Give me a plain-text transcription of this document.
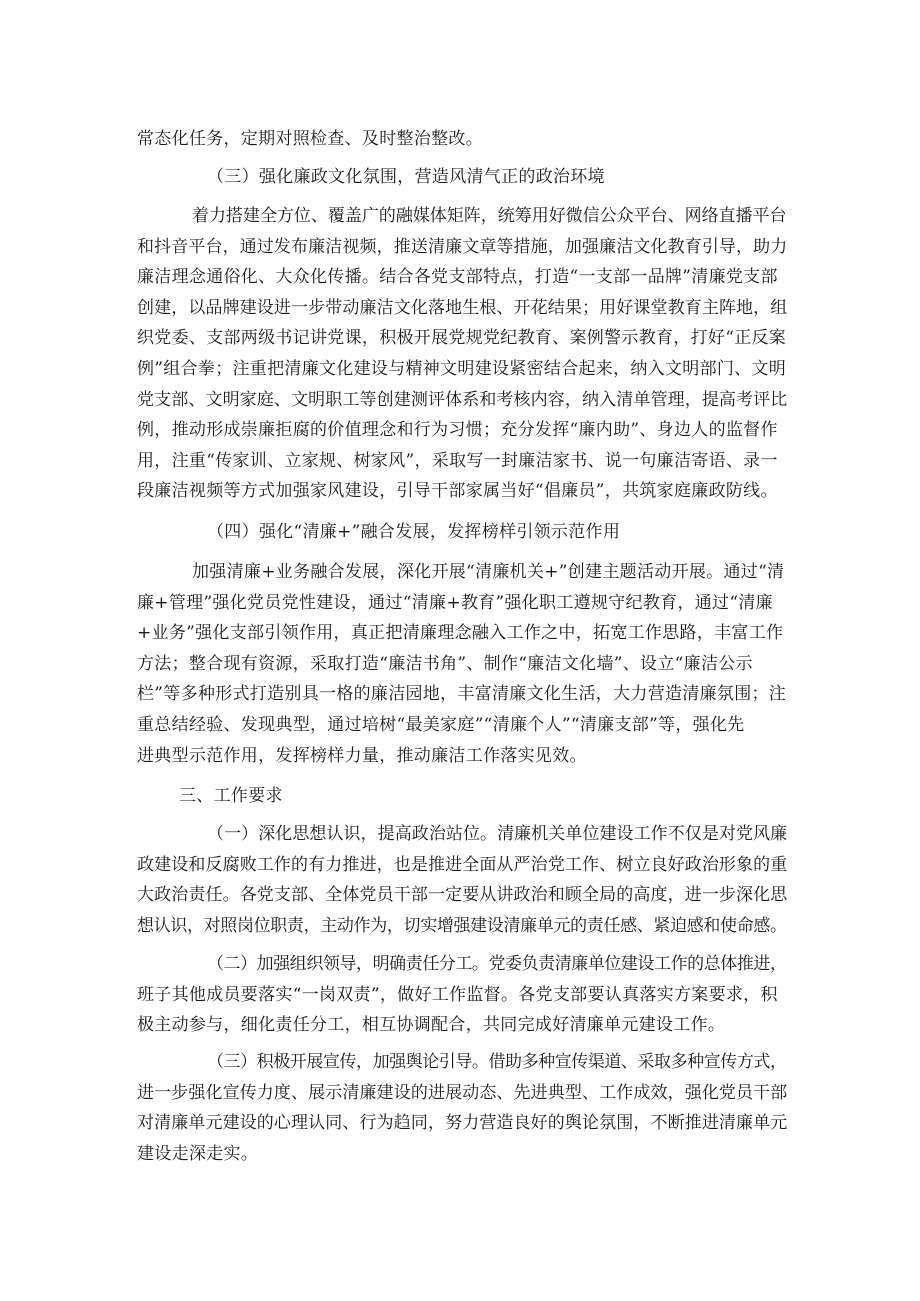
常态化任务，定期对照检查、及时整治整改。
（三）强化廉政文化氛围，营造风清气正的政治环境
着力搭建全方位、覆盖广的融媒体矩阵，统筹用好微信公众平台、网络直播平台
和抖音平台，通过发布廉洁视频，推送清廉文章等措施，加强廉洁文化教育引导，助力
廉洁理念通俗化、大众化传播。结合各党支部特点，打造“一支部一品牌”清廉党支部
创建，以品牌建设进一步带动廉洁文化落地生根、开花结果；用好课堂教育主阵地，组
织党委、支部两级书记讲党课，积极开展党规党纪教育、案例警示教育，打好“正反案
例”组合拳；注重把清廉文化建设与精神文明建设紧密结合起来，纳入文明部门、文明
党支部、文明家庭、文明职工等创建测评体系和考核内容，纳入清单管理，提高考评比
例，推动形成崇廉拒腐的价值理念和行为习惯；充分发挥“廉内助”、身边人的监督作
用，注重“传家训、立家规、树家风”，采取写一封廉洁家书、说一句廉洁寄语、录一
段廉洁视频等方式加强家风建设，引导干部家属当好“倡廉员”，共筑家庭廉政防线。
（四）强化“清廉+”融合发展，发挥榜样引领示范作用
加强清廉+业务融合发展，深化开展“清廉机关+”创建主题活动开展。通过“清
廉+管理”强化党员党性建设，通过“清廉+教育”强化职工遵规守纪教育，通过“清廉
+业务”强化支部引领作用，真正把清廉理念融入工作之中，拓宽工作思路，丰富工作
方法；整合现有资源，采取打造“廉洁书角”、制作“廉洁文化墙”、设立“廉洁公示
栏”等多种形式打造别具一格的廉洁园地，丰富清廉文化生活，大力营造清廉氛围；注
重总结经验、发现典型，通过培树“最美家庭”“清廉个人”“清廉支部”等，强化先
进典型示范作用，发挥榜样力量，推动廉洁工作落实见效。
三、工作要求
（一）深化思想认识，提高政治站位。清廉机关单位建设工作不仅是对党风廉
政建设和反腐败工作的有力推进，也是推进全面从严治党工作、树立良好政治形象的重
大政治责任。各党支部、全体党员干部一定要从讲政治和顾全局的高度，进一步深化思
想认识，对照岗位职责，主动作为，切实增强建设清廉单元的责任感、紧迫感和使命感。
（二）加强组织领导，明确责任分工。党委负责清廉单位建设工作的总体推进，
班子其他成员要落实“一岗双责”，做好工作监督。各党支部要认真落实方案要求，积
极主动参与，细化责任分工，相互协调配合，共同完成好清廉单元建设工作。
（三）积极开展宣传，加强舆论引导。借助多种宣传渠道、采取多种宣传方式，
进一步强化宣传力度、展示清廉建设的进展动态、先进典型、工作成效，强化党员干部
对清廉单元建设的心理认同、行为趋同，努力营造良好的舆论氛围，不断推进清廉单元
建设走深走实。
